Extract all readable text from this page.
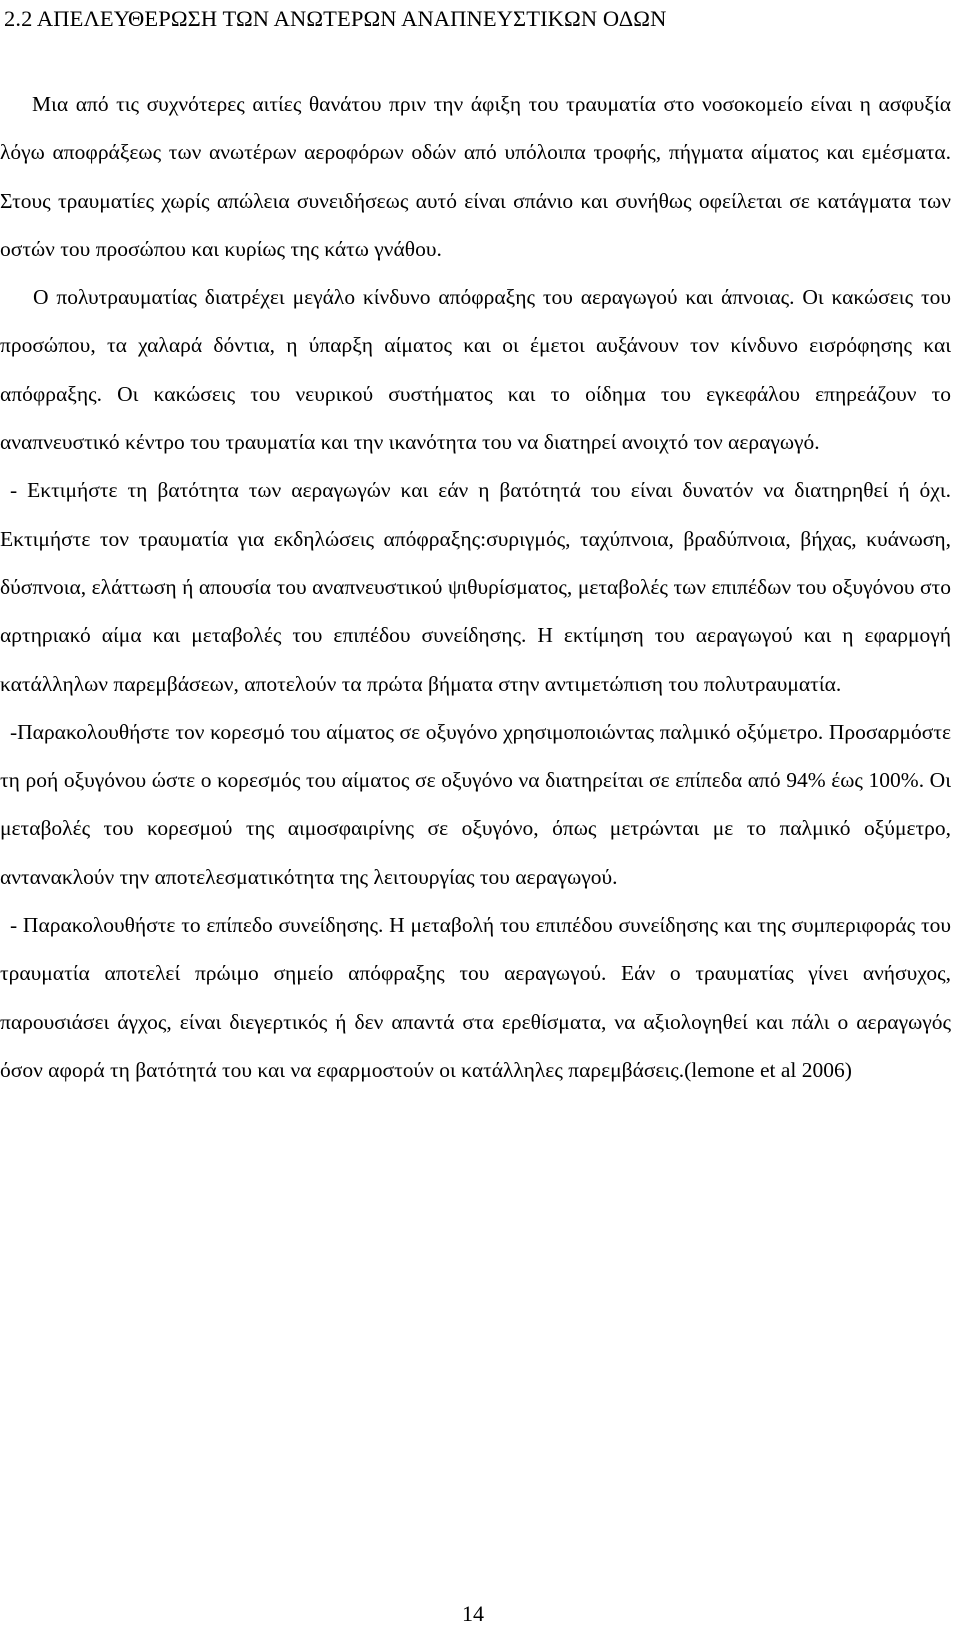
2.2 ΑΠΕΛΕΥΘΕΡΩΣΗ ΤΩΝ ΑΝΩΤΕΡΩΝ ΑΝΑΠΝΕΥΣΤΙΚΩΝ ΟΔΩΝ

Μια από τις συχνότερες αιτίες θανάτου πριν την άφιξη του τραυματία στο νοσοκομείο είναι η ασφυξία λόγω αποφράξεως των ανωτέρων αεροφόρων οδών από υπόλοιπα τροφής, πήγματα αίματος και εμέσματα. Στους τραυματίες χωρίς απώλεια συνειδήσεως αυτό είναι σπάνιο και συνήθως οφείλεται σε κατάγματα των οστών του προσώπου και κυρίως της κάτω γνάθου.

Ο πολυτραυματίας διατρέχει μεγάλο κίνδυνο απόφραξης του αεραγωγού και άπνοιας. Οι κακώσεις του προσώπου, τα χαλαρά δόντια, η ύπαρξη αίματος και οι έμετοι αυξάνουν τον κίνδυνο εισρόφησης και απόφραξης. Οι κακώσεις του νευρικού συστήματος και το οίδημα του εγκεφάλου επηρεάζουν το αναπνευστικό κέντρο του τραυματία και την ικανότητα του να διατηρεί ανοιχτό τον αεραγωγό.

- Εκτιμήστε τη βατότητα των αεραγωγών και εάν η βατότητά του είναι δυνατόν να διατηρηθεί ή όχι. Εκτιμήστε τον τραυματία για εκδηλώσεις απόφραξης:συριγμός, ταχύπνοια, βραδύπνοια, βήχας, κυάνωση, δύσπνοια, ελάττωση ή απουσία του αναπνευστικού ψιθυρίσματος, μεταβολές των επιπέδων του οξυγόνου στο αρτηριακό αίμα και μεταβολές του επιπέδου συνείδησης. Η εκτίμηση του αεραγωγού και η εφαρμογή κατάλληλων παρεμβάσεων, αποτελούν τα πρώτα βήματα στην αντιμετώπιση του πολυτραυματία.

-Παρακολουθήστε τον κορεσμό του αίματος σε οξυγόνο χρησιμοποιώντας παλμικό οξύμετρο. Προσαρμόστε τη ροή οξυγόνου ώστε ο κορεσμός του αίματος σε οξυγόνο να διατηρείται σε επίπεδα από 94% έως 100%. Οι μεταβολές του κορεσμού της αιμοσφαιρίνης σε οξυγόνο, όπως μετρώνται με το παλμικό οξύμετρο, αντανακλούν την αποτελεσματικότητα της λειτουργίας του αεραγωγού.

- Παρακολουθήστε το επίπεδο συνείδησης. Η μεταβολή του επιπέδου συνείδησης και της συμπεριφοράς του τραυματία αποτελεί πρώιμο σημείο απόφραξης του αεραγωγού. Εάν ο τραυματίας γίνει ανήσυχος, παρουσιάσει άγχος, είναι διεγερτικός ή δεν απαντά στα ερεθίσματα, να αξιολογηθεί και πάλι ο αεραγωγός όσον αφορά τη βατότητά του και να εφαρμοστούν οι κατάλληλες παρεμβάσεις.(lemone et al 2006)

14
